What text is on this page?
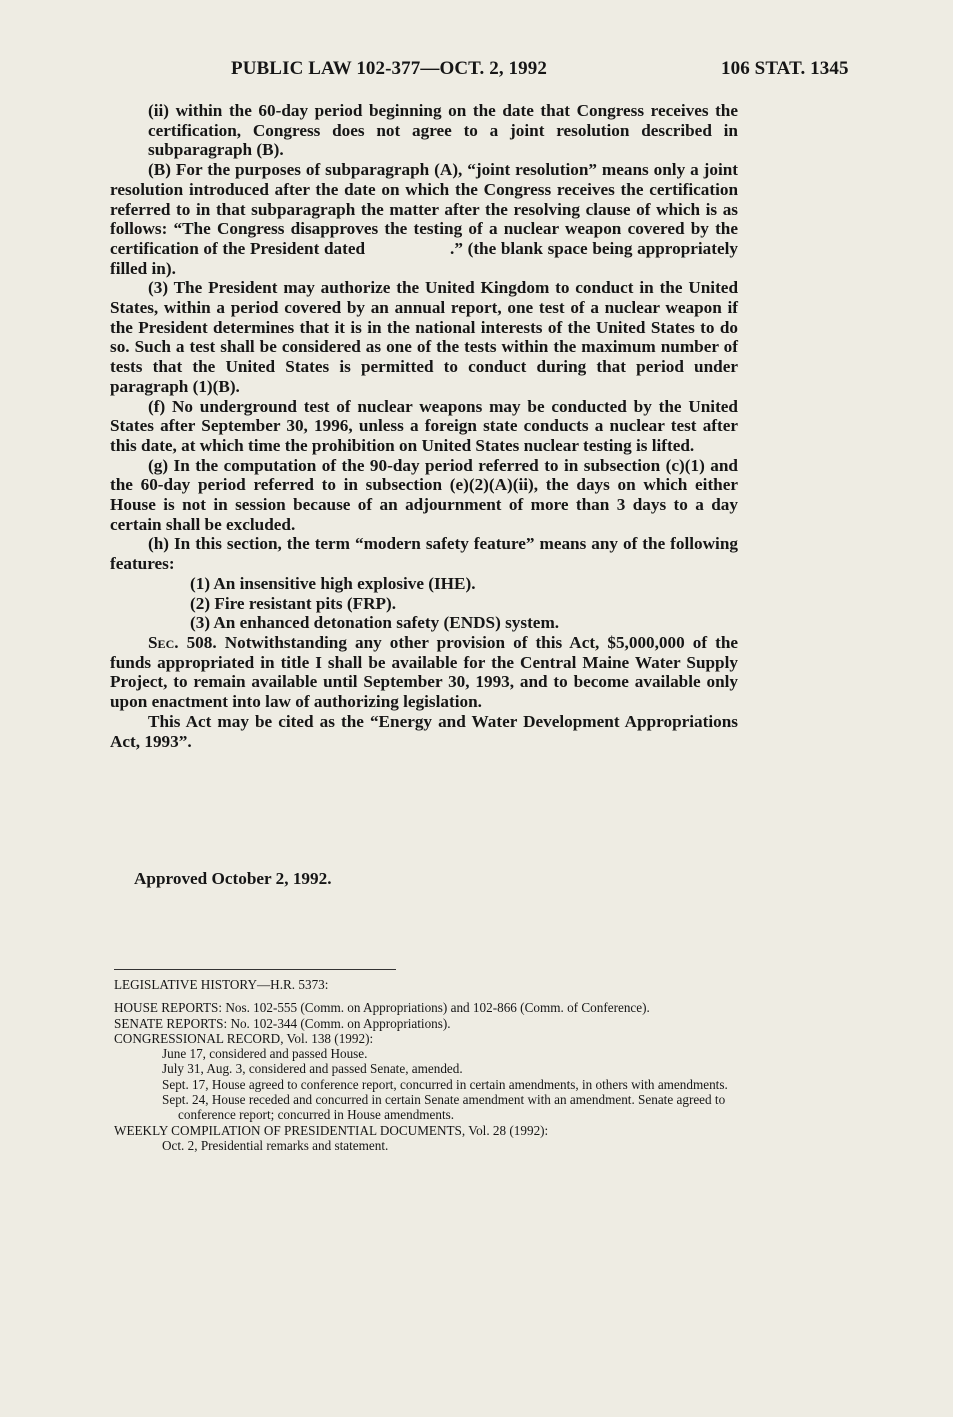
PUBLIC LAW 102-377—OCT. 2, 1992	106 STAT. 1345

(ii) within the 60-day period beginning on the date that Congress receives the certification, Congress does not agree to a joint resolution described in subparagraph (B).

(B) For the purposes of subparagraph (A), “joint resolution” means only a joint resolution introduced after the date on which the Congress receives the certification referred to in that subparagraph the matter after the resolving clause of which is as follows: “The Congress disapproves the testing of a nuclear weapon covered by the certification of the President dated	.” (the blank space being appropriately filled in).

(3) The President may authorize the United Kingdom to conduct in the United States, within a period covered by an annual report, one test of a nuclear weapon if the President determines that it is in the national interests of the United States to do so. Such a test shall be considered as one of the tests within the maximum number of tests that the United States is permitted to conduct during that period under paragraph (1)(B).

(f) No underground test of nuclear weapons may be conducted by the United States after September 30, 1996, unless a foreign state conducts a nuclear test after this date, at which time the prohibition on United States nuclear testing is lifted.

(g) In the computation of the 90-day period referred to in subsection (c)(1) and the 60-day period referred to in subsection (e)(2)(A)(ii), the days on which either House is not in session because of an adjournment of more than 3 days to a day certain shall be excluded.

(h) In this section, the term “modern safety feature” means any of the following features:

(1) An insensitive high explosive (IHE).

(2) Fire resistant pits (FRP).

(3) An enhanced detonation safety (ENDS) system.

Sec. 508. Notwithstanding any other provision of this Act, $5,000,000 of the funds appropriated in title I shall be available for the Central Maine Water Supply Project, to remain available until September 30, 1993, and to become available only upon enactment into law of authorizing legislation.

This Act may be cited as the “Energy and Water Development Appropriations Act, 1993”.

Approved October 2, 1992.
LEGISLATIVE HISTORY—H.R. 5373:
HOUSE REPORTS: Nos. 102-555 (Comm. on Appropriations) and 102-866 (Comm. of Conference).
SENATE REPORTS: No. 102-344 (Comm. on Appropriations).
CONGRESSIONAL RECORD, Vol. 138 (1992):
June 17, considered and passed House.
July 31, Aug. 3, considered and passed Senate, amended.
Sept. 17, House agreed to conference report, concurred in certain amendments, in others with amendments.
Sept. 24, House receded and concurred in certain Senate amendment with an amendment. Senate agreed to conference report; concurred in House amendments.
WEEKLY COMPILATION OF PRESIDENTIAL DOCUMENTS, Vol. 28 (1992):
Oct. 2, Presidential remarks and statement.
